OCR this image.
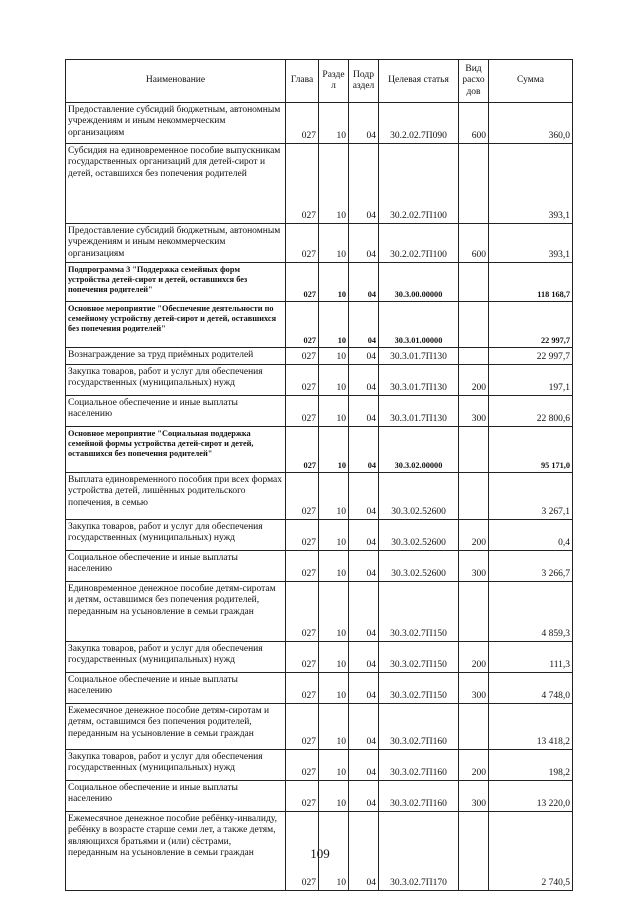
Наименование	Глава	Разде л	Подр аздел	Целевая статья	Вид расхо дов	Сумма
Предоставление субсидий бюджетным, автономным учреждениям и иным некоммерческим организациям	027	10	04	30.2.02.7П090	600	360,0
Субсидия на единовременное пособие выпускникам государственных организаций для детей-сирот и детей, оставшихся без попечения родителей	027	10	04	30.2.02.7П100		393,1
Предоставление субсидий бюджетным, автономным учреждениям и иным некоммерческим организациям	027	10	04	30.2.02.7П100	600	393,1
Подпрограмма 3 "Поддержка семейных форм устройства детей-сирот и детей, оставшихся без попечения родителей"	027	10	04	30.3.00.00000		118 168,7
Основное мероприятие "Обеспечение деятельности по семейному устройству детей-сирот и детей, оставшихся без попечения родителей"	027	10	04	30.3.01.00000		22 997,7
Вознаграждение за труд приёмных родителей	027	10	04	30.3.01.7П130		22 997,7
Закупка товаров, работ и услуг для обеспечения государственных (муниципальных) нужд	027	10	04	30.3.01.7П130	200	197,1
Социальное обеспечение и иные выплаты населению	027	10	04	30.3.01.7П130	300	22 800,6
Основное мероприятие "Социальная поддержка семейной формы устройства детей-сирот и детей, оставшихся без попечения родителей"	027	10	04	30.3.02.00000		95 171,0
Выплата единовременного пособия при всех формах устройства детей, лишённых родительского попечения, в семью	027	10	04	30.3.02.52600		3 267,1
Закупка товаров, работ и услуг для обеспечения государственных (муниципальных) нужд	027	10	04	30.3.02.52600	200	0,4
Социальное обеспечение и иные выплаты населению	027	10	04	30.3.02.52600	300	3 266,7
Единовременное денежное пособие детям-сиротам и детям, оставшимся без попечения родителей, переданным на усыновление в семьи граждан	027	10	04	30.3.02.7П150		4 859,3
Закупка товаров, работ и услуг для обеспечения государственных (муниципальных) нужд	027	10	04	30.3.02.7П150	200	111,3
Социальное обеспечение и иные выплаты населению	027	10	04	30.3.02.7П150	300	4 748,0
Ежемесячное денежное пособие детям-сиротам и детям, оставшимся без попечения родителей, переданным на усыновление в семьи граждан	027	10	04	30.3.02.7П160		13 418,2
Закупка товаров, работ и услуг для обеспечения государственных (муниципальных) нужд	027	10	04	30.3.02.7П160	200	198,2
Социальное обеспечение и иные выплаты населению	027	10	04	30.3.02.7П160	300	13 220,0
Ежемесячное денежное пособие ребёнку-инвалиду, ребёнку в возрасте старше семи лет, а также детям, являющихся братьями и (или) сёстрами, переданным на усыновление в семьи граждан	027	10	04	30.3.02.7П170		2 740,5
109
